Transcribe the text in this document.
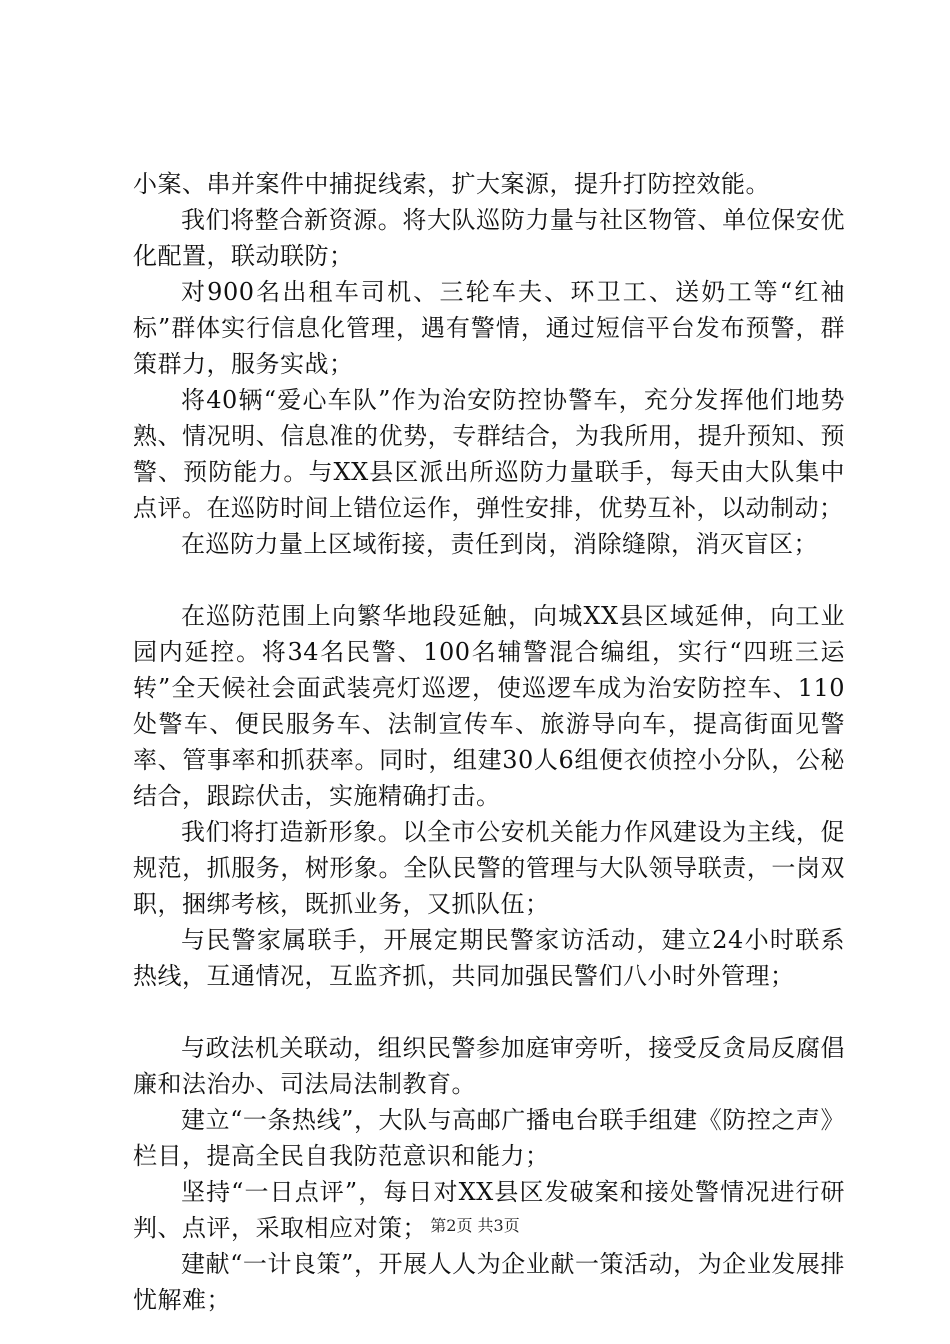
小案、串并案件中捕捉线索，扩大案源，提升打防控效能。

我们将整合新资源。将大队巡防力量与社区物管、单位保安优化配置，联动联防；

对900名出租车司机、三轮车夫、环卫工、送奶工等“红袖标”群体实行信息化管理，遇有警情，通过短信平台发布预警，群策群力，服务实战；

将40辆“爱心车队”作为治安防控协警车，充分发挥他们地势熟、情况明、信息准的优势，专群结合，为我所用，提升预知、预警、预防能力。与XX县区派出所巡防力量联手，每天由大队集中点评。在巡防时间上错位运作，弹性安排，优势互补，以动制动；

在巡防力量上区域衔接，责任到岗，消除缝隙，消灭盲区；

在巡防范围上向繁华地段延触，向城XX县区域延伸，向工业园内延控。将34名民警、100名辅警混合编组，实行“四班三运转”全天候社会面武装亮灯巡逻，使巡逻车成为治安防控车、110处警车、便民服务车、法制宣传车、旅游导向车，提高街面见警率、管事率和抓获率。同时，组建30人6组便衣侦控小分队，公秘结合，跟踪伏击，实施精确打击。

我们将打造新形象。以全市公安机关能力作风建设为主线，促规范，抓服务，树形象。全队民警的管理与大队领导联责，一岗双职，捆绑考核，既抓业务，又抓队伍；

与民警家属联手，开展定期民警家访活动，建立24小时联系热线，互通情况，互监齐抓，共同加强民警们八小时外管理；

与政法机关联动，组织民警参加庭审旁听，接受反贪局反腐倡廉和法治办、司法局法制教育。

建立“一条热线”，大队与高邮广播电台联手组建《防控之声》栏目，提高全民自我防范意识和能力；

坚持“一日点评”，每日对XX县区发破案和接处警情况进行研判、点评，采取相应对策；

建献“一计良策”，开展人人为企业献一策活动，为企业发展排忧解难；

第2页 共3页
